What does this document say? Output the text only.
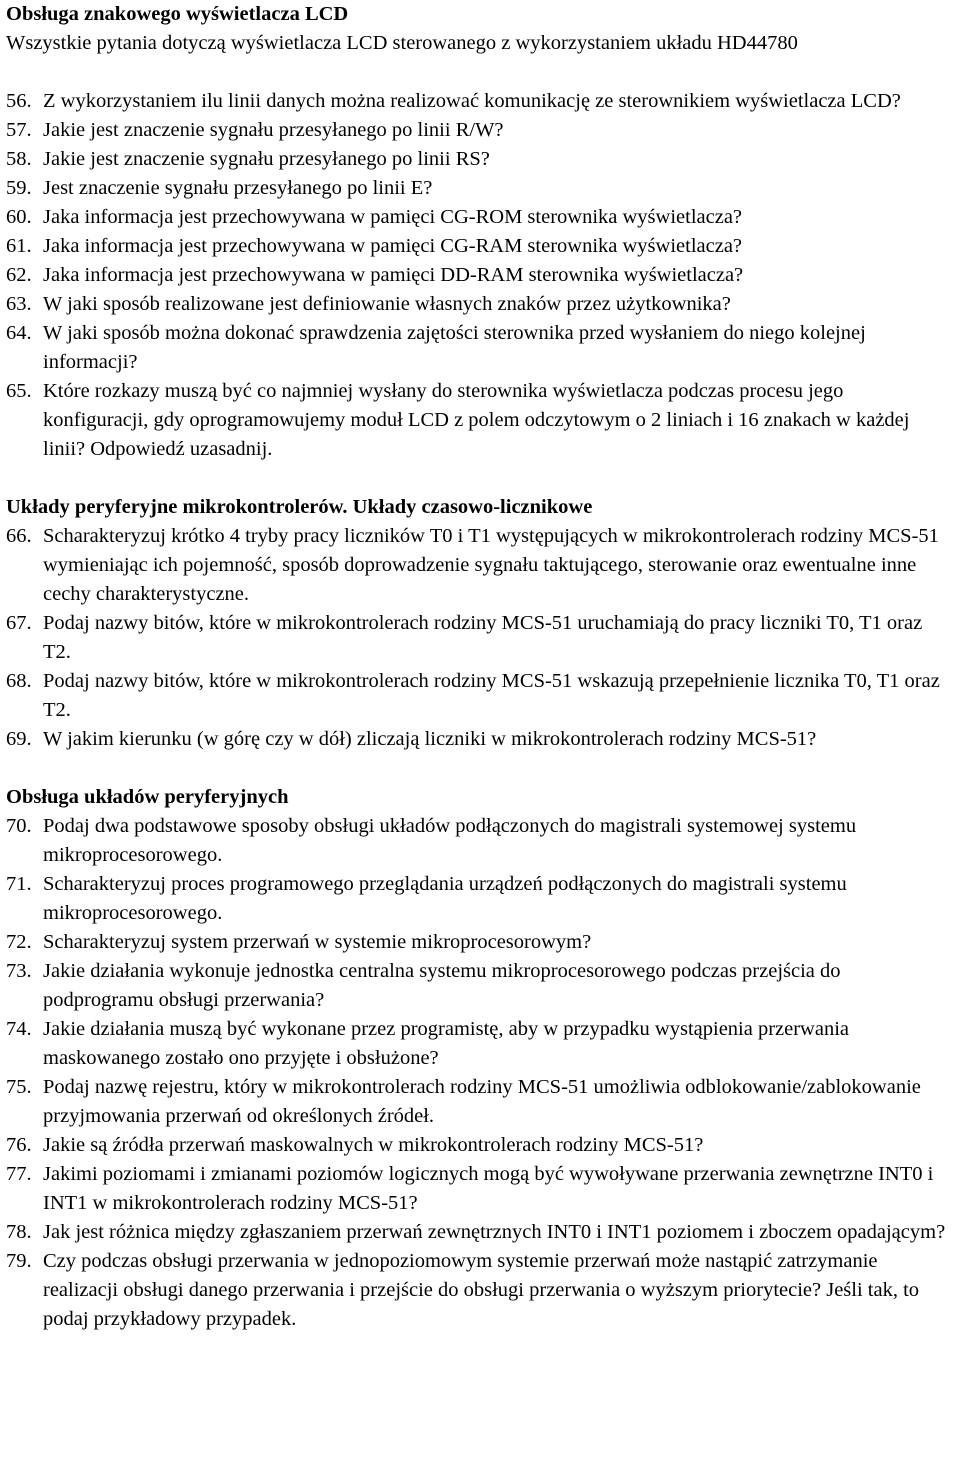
Obsługa znakowego wyświetlacza LCD

Wszystkie pytania dotyczą wyświetlacza LCD sterowanego z wykorzystaniem układu HD44780

56. Z wykorzystaniem ilu linii danych można realizować komunikację ze sterownikiem wyświetlacza LCD?
57. Jakie jest znaczenie sygnału przesyłanego po linii R/W?
58. Jakie jest znaczenie sygnału przesyłanego po linii RS?
59. Jest znaczenie sygnału przesyłanego po linii E?
60. Jaka informacja jest przechowywana w pamięci CG-ROM sterownika wyświetlacza?
61. Jaka informacja jest przechowywana w pamięci CG-RAM sterownika wyświetlacza?
62. Jaka informacja jest przechowywana w pamięci DD-RAM sterownika wyświetlacza?
63. W jaki sposób realizowane jest definiowanie własnych znaków przez użytkownika?
64. W jaki sposób można dokonać sprawdzenia zajętości sterownika przed wysłaniem do niego kolejnej informacji?
65. Które rozkazy muszą być co najmniej wysłany do sterownika wyświetlacza podczas procesu jego konfiguracji, gdy oprogramowujemy moduł LCD z polem odczytowym o 2 liniach i 16 znakach w każdej linii? Odpowiedź uzasadnij.
Układy peryferyjne mikrokontrolerów. Układy czasowo-licznikowe
66. Scharakteryzuj krótko 4 tryby pracy liczników T0 i T1 występujących w mikrokontrolerach rodziny MCS-51 wymieniając ich pojemność, sposób doprowadzenie sygnału taktującego, sterowanie oraz ewentualne inne cechy charakterystyczne.
67. Podaj nazwy bitów, które w mikrokontrolerach rodziny MCS-51 uruchamiają do pracy liczniki T0, T1 oraz T2.
68. Podaj nazwy bitów, które w mikrokontrolerach rodziny MCS-51 wskazują przepełnienie licznika T0, T1 oraz T2.
69. W jakim kierunku (w górę czy w dół) zliczają liczniki w mikrokontrolerach rodziny MCS-51?
Obsługa układów peryferyjnych
70. Podaj dwa podstawowe sposoby obsługi układów podłączonych do magistrali systemowej systemu mikroprocesorowego.
71. Scharakteryzuj proces programowego przeglądania urządzeń podłączonych do magistrali systemu mikroprocesorowego.
72. Scharakteryzuj system przerwań w systemie mikroprocesorowym?
73. Jakie działania wykonuje jednostka centralna systemu mikroprocesorowego podczas przejścia do podprogramu obsługi przerwania?
74. Jakie działania muszą być wykonane przez programistę, aby w przypadku wystąpienia przerwania maskowanego zostało ono przyjęte i obsłużone?
75. Podaj nazwę rejestru, który w mikrokontrolerach rodziny MCS-51 umożliwia odblokowanie/zablokowanie przyjmowania przerwań od określonych źródeł.
76. Jakie są źródła przerwań maskowalnych w mikrokontrolerach rodziny MCS-51?
77. Jakimi poziomami i zmianami poziomów logicznych mogą być wywoływane przerwania zewnętrzne INT0 i INT1 w mikrokontrolerach rodziny MCS-51?
78. Jak jest różnica między zgłaszaniem przerwań zewnętrznych INT0 i INT1 poziomem i zboczem opadającym?
79. Czy podczas obsługi przerwania w jednopoziomowym systemie przerwań może nastąpić zatrzymanie realizacji obsługi danego przerwania i przejście do obsługi przerwania o wyższym priorytecie? Jeśli tak, to podaj przykładowy przypadek.
